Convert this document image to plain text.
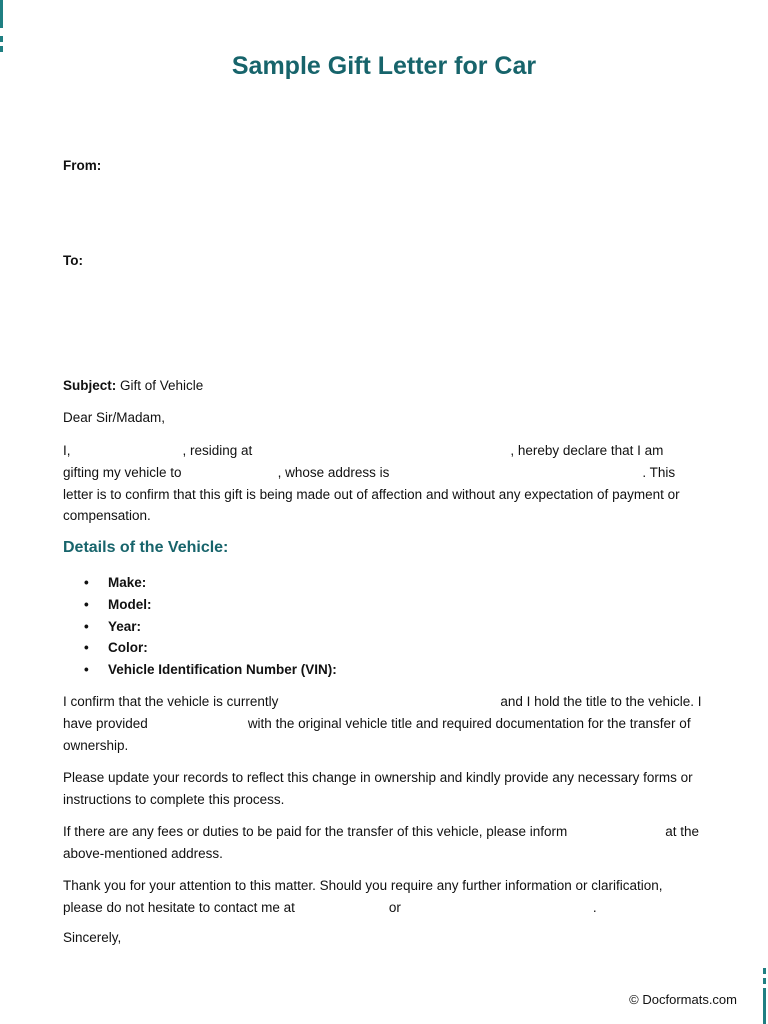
Sample Gift Letter for Car
From:
To:
Subject: Gift of Vehicle
Dear Sir/Madam,

I,	, residing at	, hereby declare that I am gifting my vehicle to	, whose address is	. This letter is to confirm that this gift is being made out of affection and without any expectation of payment or compensation.

Details of the Vehicle:
• Make:
• Model:
• Year:
• Color:
• Vehicle Identification Number (VIN):

I confirm that the vehicle is currently	and I hold the title to the vehicle. I have provided	with the original vehicle title and required documentation for the transfer of ownership.

Please update your records to reflect this change in ownership and kindly provide any necessary forms or instructions to complete this process.

If there are any fees or duties to be paid for the transfer of this vehicle, please inform	at the above-mentioned address.

Thank you for your attention to this matter. Should you require any further information or clarification, please do not hesitate to contact me at	or	.

Sincerely,
© Docformats.com
